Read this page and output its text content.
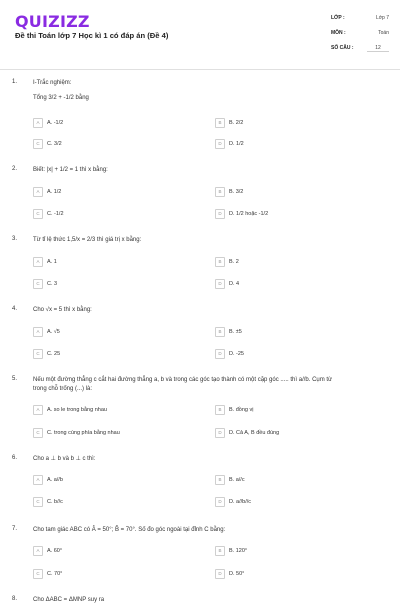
QUIZIZZ
Đề thi Toán lớp 7 Học kì 1 có đáp án (Đề 4)
LỚP :	Lớp 7
MÔN :	Toán
SỐ CÂU :	12
1.	I-Trắc nghiệm:
Tổng 3/2 + -1/2 bằng
A	A. -1/2	B	B. 2/2
C	C. 3/2	D	D. 1/2
2.	Biết: |x| + 1/2 = 1 thì x bằng:
A	A. 1/2	B	B. 3/2
C	C. -1/2	D	D. 1/2 hoặc -1/2
3.	Từ tỉ lệ thức 1,5/x = 2/3 thì giá trị x bằng:
A	A. 1	B	B. 2
C	C. 3	D	D. 4
4.	Cho √x = 5 thì x bằng:
A	A. √5	B	B. ±5
C	C. 25	D	D. -25
5.	Nếu một đường thẳng c cắt hai đường thẳng a, b và trong các góc tạo thành có một cặp góc ..... thì a//b. Cụm từ
trong chỗ trống (...) là:
A	A. so le trong bằng nhau	B	B. đồng vị
C	C. trong cùng phía bằng nhau	D	D. Cả A, B đều đúng
6.	Cho a ⊥ b và b ⊥ c thì:
A	A. a//b	B	B. a//c
C	C. b//c	D	D. a//b//c
7.	Cho tam giác ABC có Â = 50°; B̂ = 70°. Số đo góc ngoài tại đỉnh C bằng:
A	A. 60°	B	B. 120°
C	C. 70°	D	D. 50°
8.	Cho ΔABC = ΔMNP suy ra
